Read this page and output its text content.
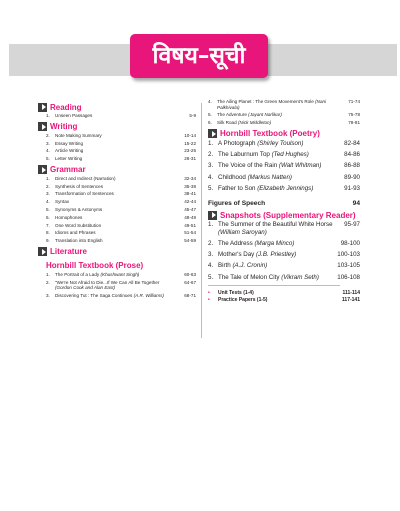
विषय–सूची
Reading
1.	Unseen Passages	5-9
Writing
2.	Note Making Summary	10-14
3.	Essay Writing	15-22
4.	Article Writing	23-25
5.	Letter Writing	26-31
Grammar
1.	Direct and Indirect (Narration)	32-34
2.	Synthesis of Sentences	35-38
3.	Transformation of Sentences	38-41
4.	Syntax	42-44
5.	Synonyms & Antonyms	45-47
6.	Homophones	48-49
7.	One Word Substitution	49-51
8.	Idioms and Phrases	51-54
9.	Translation into English	54-59
Literature
Hornbill Textbook (Prose)
1.	The Portrait of a Lady (Khushwant Singh)	60-63
2.	"We're Not Afraid to Die...If We Can All Be Together (Gordon Cook and Alan East)
64-67
3.	Discovering Tut : The Saga Continues (A.R. Williams)	68-71
4.	The Ailing Planet : The Green Movement's Role (Nani Palkhivala)
71-74
5.	The Adventure (Jayant Narlikar)	75-78
6.	Silk Road (Nick Middleton)	78-81
Hornbill Textbook (Poetry)
1. A Photograph (Shirley Toulson)	82-84
2. The Laburnum Top (Ted Hughes)	84-86
3. The Voice of the Rain (Walt Whitman)	86-88
4. Childhood (Markus Natten)	89-90
5. Father to Son (Elizabeth Jennings)	91-93
Figures of Speech	94
Snapshots (Supplementary Reader)
1. The Summer of the Beautiful White Horse (William Saroyan)
95-97
2. The Address (Marga Minco)	98-100
3. Mother's Day (J.B. Priestley)	100-103
4. Birth (A.J. Cronin)	103-105
5. The Tale of Melon City (Vikram Seth)	106-108
•	Unit Tests (1-4)	111-114
•	Practice Papers (1-5)	117-141
